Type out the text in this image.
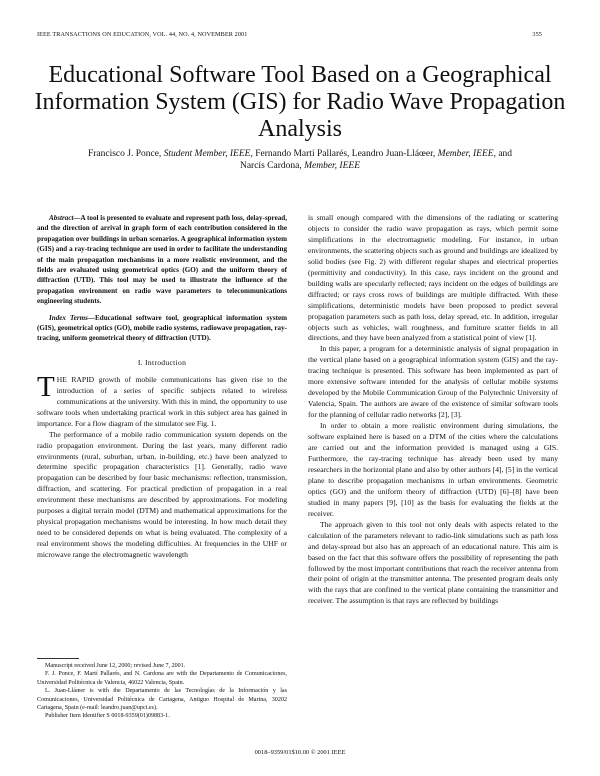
IEEE TRANSACTIONS ON EDUCATION, VOL. 44, NO. 4, NOVEMBER 2001	355
Educational Software Tool Based on a Geographical Information System (GIS) for Radio Wave Propagation Analysis
Francisco J. Ponce, Student Member, IEEE, Fernando Martí Pallarés, Leandro Juan-Lláœer, Member, IEEE, and
Narcís Cardona, Member, IEEE

Abstract—A tool is presented to evaluate and represent path loss, delay-spread, and the direction of arrival in graph form of each contribution considered in the propagation over buildings in urban scenarios. A geographical information system (GIS) and a ray-tracing technique are used in order to facilitate the understanding of the main propagation mechanisms in a more realistic environment, and the fields are evaluated using geometrical optics (GO) and the uniform theory of diffraction (UTD). This tool may be used to illustrate the influence of the propagation environment on radio wave parameters to telecommunications engineering students.

Index Terms—Educational software tool, geographical information system (GIS), geometrical optics (GO), mobile radio systems, radiowave propagation, ray-tracing, uniform geometrical theory of diffraction (UTD).

I. Introduction

THE RAPID growth of mobile communications has given rise to the introduction of a series of specific subjects related to wireless communications at the university. With this in mind, the opportunity to use software tools when undertaking practical work in this subject area has gained in importance. For a flow diagram of the simulator see Fig. 1.

The performance of a mobile radio communication system depends on the radio propagation environment. During the last years, many different radio environments (rural, suburban, urban, in-building, etc.) have been analyzed to determine specific propagation characteristics [1]. Generally, radio wave propagation can be described by four basic mechanisms: reflection, transmission, diffraction, and scattering. For practical prediction of propagation in a real environment these mechanisms are described by approximations. For modeling purposes a digital terrain model (DTM) and mathematical approximations for the physical propagation mechanisms would be interesting. In how much detail they need to be considered depends on what is being evaluated. The complexity of a real environment shows the modeling difficulties. At frequencies in the UHF or microwave range the electromagnetic wavelength

is small enough compared with the dimensions of the radiating or scattering objects to consider the radio wave propagation as rays, which permit some simplifications in the electromagnetic modeling. For instance, in urban environments, the scattering objects such as ground and buildings are idealized by solid bodies (see Fig. 2) with different regular shapes and electrical properties (permittivity and conductivity). In this case, rays incident on the ground and building walls are specularly reflected; rays incident on the edges of buildings are diffracted; or rays cross rows of buildings are multiple diffracted. With these simplifications, deterministic models have been proposed to predict several propagation parameters such as path loss, delay spread, etc. In addition, irregular objects such as vehicles, wall roughness, and furniture scatter fields in all directions, and they have been analyzed from a statistical point of view [1].

In this paper, a program for a deterministic analysis of signal propagation in the vertical plane based on a geographical information system (GIS) and the ray-tracing technique is presented. This software has been implemented as part of more extensive software intended for the analysis of cellular mobile systems developed by the Mobile Communication Group of the Polytechnic University of Valencia, Spain. The authors are aware of the existence of similar software tools for the planning of cellular radio networks [2], [3].

In order to obtain a more realistic environment during simulations, the software explained here is based on a DTM of the cities where the calculations are carried out and the information provided is managed using a GIS. Furthermore, the ray-tracing technique has already been used by many researchers in the horizontal plane and also by other authors [4], [5] in the vertical plane to describe propagation mechanisms in urban environments. Geometric optics (GO) and the uniform theory of diffraction (UTD) [6]–[8] have been studied in many papers [9], [10] as the basis for evaluating the fields at the receiver.

The approach given to this tool not only deals with aspects related to the calculation of the parameters relevant to radio-link simulations such as path loss and delay-spread but also has an approach of an educational nature. This aim is based on the fact that this software offers the possibility of representing the path followed by the most important contributions that reach the receiver antenna from their point of origin at the transmitter antenna. The presented program deals only with the rays that are confined to the vertical plane containing the transmitter and receiver. The assumption is that rays are reflected by buildings

Manuscript received June 12, 2000; revised June 7, 2001.

F. J. Ponce, F. Martí Pallarés, and N. Cardona are with the Departamento de Comunicaciones, Universidad Politécnica de Valencia, 46022 Valencia, Spain.

L. Juan-Lláœer is with the Departamento de las Tecnologías de la Información y las Comunicaciones, Universidad Politécnica de Cartagena, Antiguo Hospital de Marina, 30202 Cartagena, Spain (e-mail: leandro.juan@upct.es).

Publisher Item Identifier S 0018-9359(01)09883-1.

0018–9359/01$10.00 © 2001 IEEE
